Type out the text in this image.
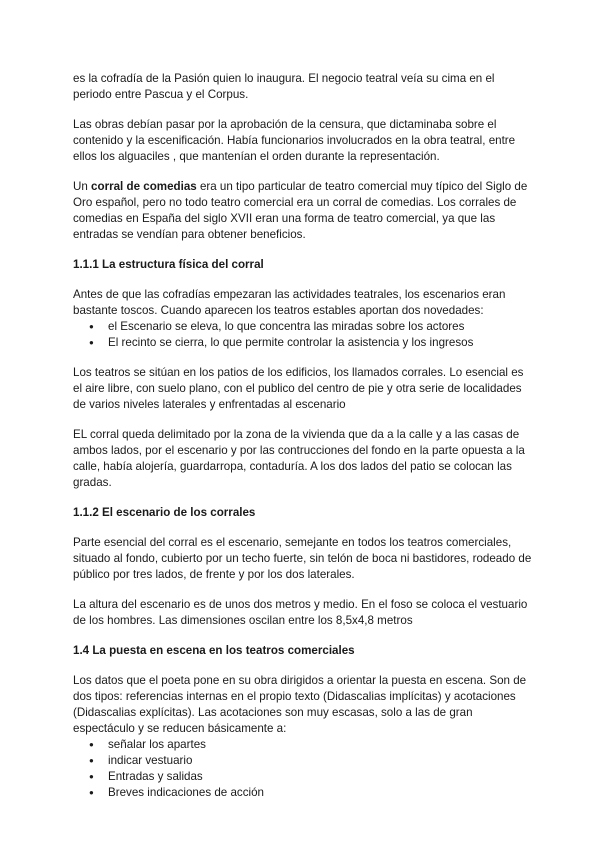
es la cofradía de la Pasión quien lo inaugura. El negocio teatral veía su cima en el periodo entre Pascua y el Corpus.

Las obras debían pasar por la aprobación de la censura, que dictaminaba sobre el contenido y la escenificación. Había funcionarios involucrados en la obra teatral, entre ellos los alguaciles , que mantenían el orden durante la representación.

Un corral de comedias era un tipo particular de teatro comercial muy típico del Siglo de Oro español, pero no todo teatro comercial era un corral de comedias. Los corrales de comedias en España del siglo XVII eran una forma de teatro comercial, ya que las entradas se vendían para obtener beneficios.

1.1.1 La estructura física del corral

Antes de que las cofradías empezaran las actividades teatrales, los escenarios eran bastante toscos. Cuando aparecen los teatros estables aportan dos novedades:

● el Escenario se eleva, lo que concentra las miradas sobre los actores
● El recinto se cierra, lo que permite controlar la asistencia y los ingresos

Los teatros se sitúan en los patios de los edificios, los llamados corrales. Lo esencial es el aire libre, con suelo plano, con el publico del centro de pie y otra serie de localidades de varios niveles laterales y enfrentadas al escenario

EL corral queda delimitado por la zona de la vivienda que da a la calle y a las casas de ambos lados, por el escenario y por las contrucciones del fondo en la parte opuesta a la calle, había alojería, guardarropa, contaduría. A los dos lados del patio se colocan las gradas.

1.1.2 El escenario de los corrales

Parte esencial del corral es el escenario, semejante en todos los teatros comerciales, situado al fondo, cubierto por un techo fuerte, sin telón de boca ni bastidores, rodeado de público por tres lados, de frente y por los dos laterales.

La altura del escenario es de unos dos metros y medio. En el foso se coloca el vestuario de los hombres. Las dimensiones oscilan entre los 8,5x4,8 metros

1.4 La puesta en escena en los teatros comerciales

Los datos que el poeta pone en su obra dirigidos a orientar la puesta en escena. Son de dos tipos: referencias internas en el propio texto (Didascalias implícitas) y acotaciones (Didascalias explícitas). Las acotaciones son muy escasas, solo a las de gran espectáculo y se reducen básicamente a:

● señalar los apartes
● indicar vestuario
● Entradas y salidas
● Breves indicaciones de acción
